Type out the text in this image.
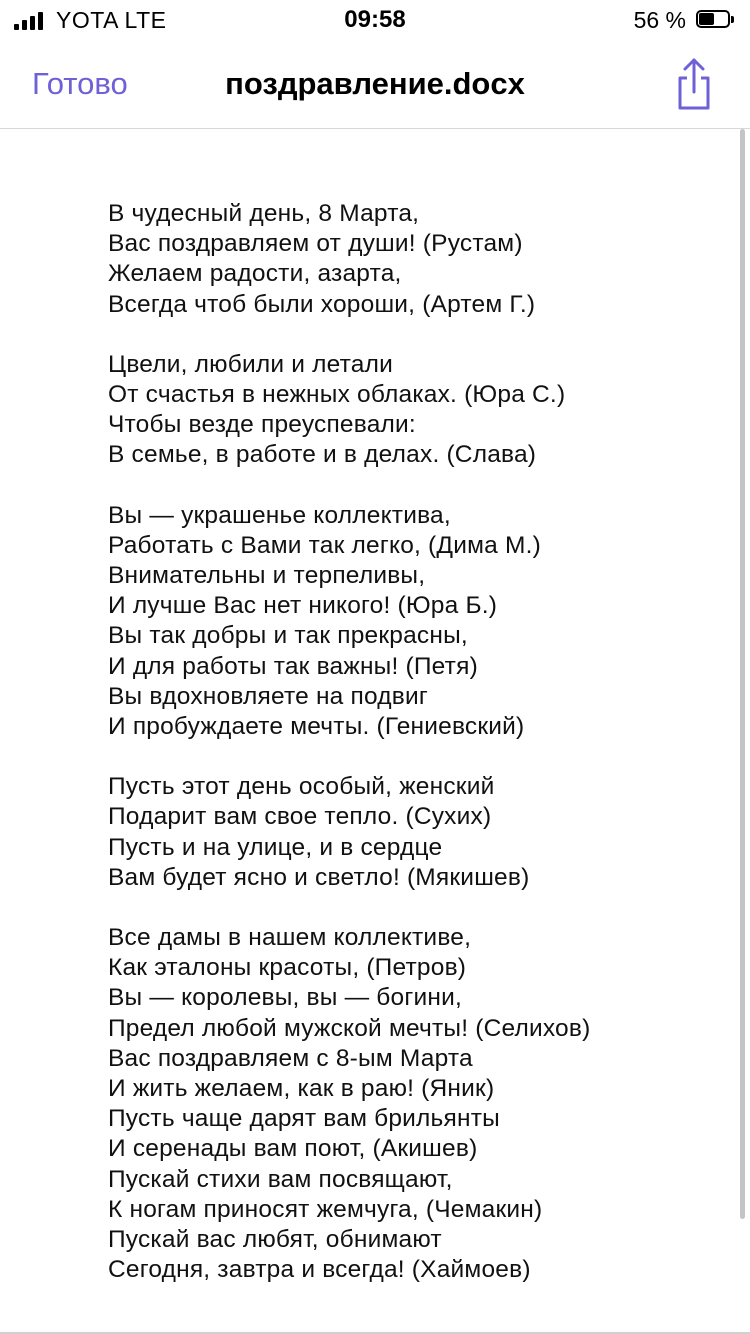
YOTA LTE	09:58	56 %
Готово	поздравление.docx
В чудесный день, 8 Марта,
Вас поздравляем от души! (Рустам)
Желаем радости, азарта,
Всегда чтоб были хороши, (Артем Г.)
Цвели, любили и летали
От счастья в нежных облаках. (Юра С.)
Чтобы везде преуспевали:
В семье, в работе и в делах. (Слава)
Вы — украшенье коллектива,
Работать с Вами так легко, (Дима М.)
Внимательны и терпеливы,
И лучше Вас нет никого! (Юра Б.)
Вы так добры и так прекрасны,
И для работы так важны! (Петя)
Вы вдохновляете на подвиг
И пробуждаете мечты. (Гениевский)
Пусть этот день особый, женский
Подарит вам свое тепло. (Сухих)
Пусть и на улице, и в сердце
Вам будет ясно и светло! (Мякишев)
Все дамы в нашем коллективе,
Как эталоны красоты, (Петров)
Вы — королевы, вы — богини,
Предел любой мужской мечты! (Селихов)
Вас поздравляем с 8-ым Марта
И жить желаем, как в раю! (Яник)
Пусть чаще дарят вам брильянты
И серенады вам поют, (Акишев)
Пускай стихи вам посвящают,
К ногам приносят жемчуга, (Чемакин)
Пускай вас любят, обнимают
Сегодня, завтра и всегда! (Хаймоев)
